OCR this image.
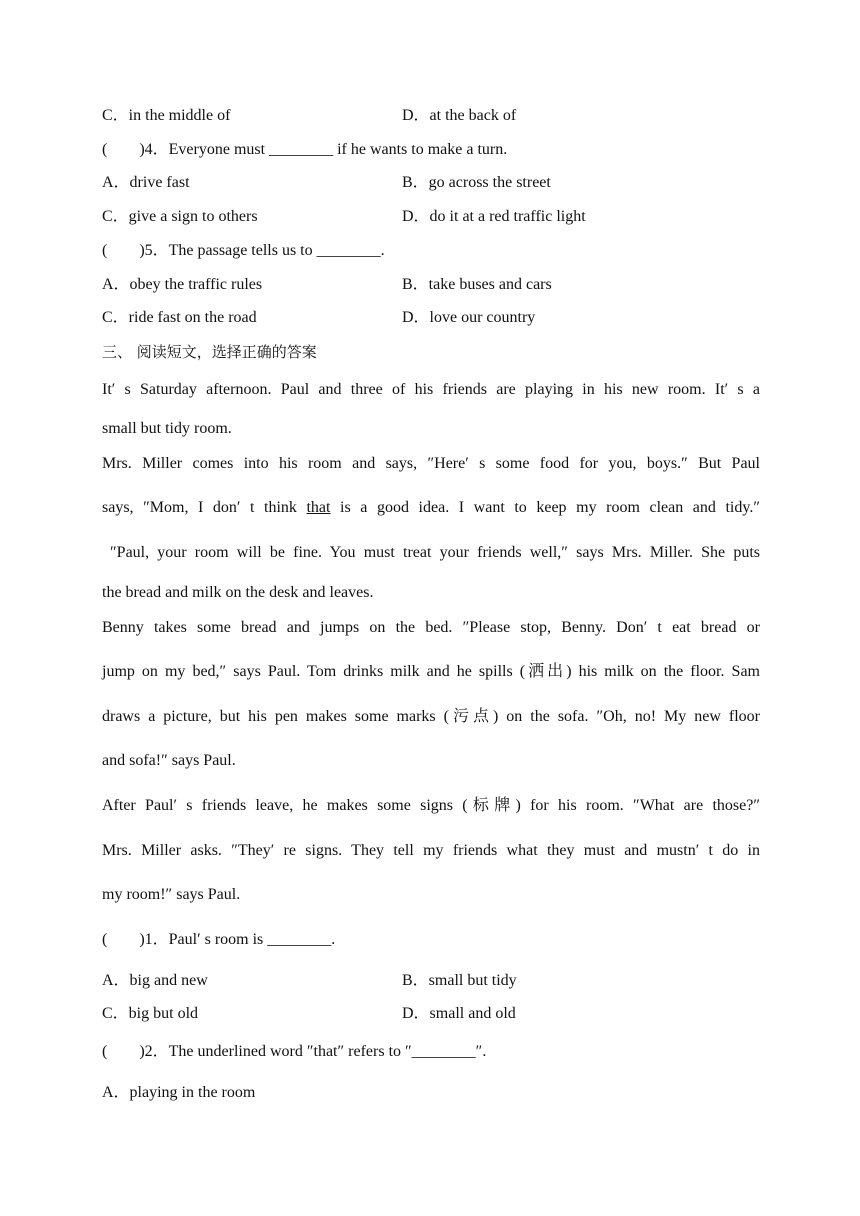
C．in the middle of	D．at the back of
(　　)4．Everyone must ________ if he wants to make a turn.
A．drive fast	B．go across the street
C．give a sign to others	D．do it at a red traffic light
(　　)5．The passage tells us to ________.
A．obey the traffic rules	B．take buses and cars
C．ride fast on the road	D．love our country
三、 阅读短文，选择正确的答案
It′ s Saturday afternoon. Paul and three of his friends are playing in his new room. It′ s a
small but tidy room.
Mrs. Miller comes into his room and says, ″Here′ s some food for you, boys.″ But Paul
says, ″Mom, I don′ t think that is a good idea. I want to keep my room clean and tidy.″
″Paul, your room will be fine. You must treat your friends well,″ says Mrs. Miller. She puts
the bread and milk on the desk and leaves.
Benny takes some bread and jumps on the bed. ″Please stop, Benny. Don′ t eat bread or
jump on my bed,″ says Paul. Tom drinks milk and he spills (洒出) his milk on the floor. Sam
draws a picture, but his pen makes some marks (污点) on the sofa. ″Oh, no! My new floor
and sofa!″ says Paul.
After Paul′ s friends leave, he makes some signs (标牌) for his room. ″What are those?″
Mrs. Miller asks. ″They′ re signs. They tell my friends what they must and mustn′ t do in
my room!″ says Paul.
(　　)1．Paul′ s room is ________.
A．big and new	B．small but tidy
C．big but old	D．small and old
(　　)2．The underlined word ″that″ refers to ″________″.
A．playing in the room
